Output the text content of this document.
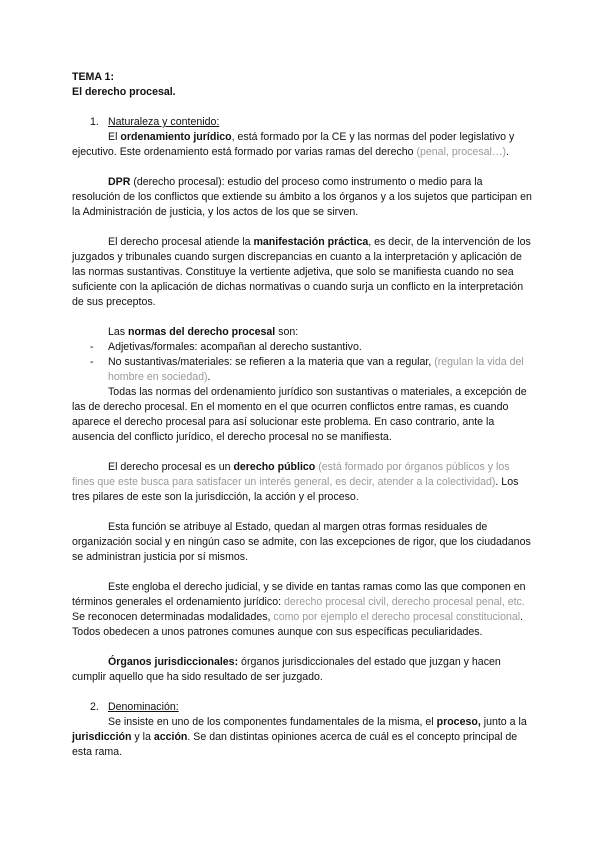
TEMA 1:

El derecho procesal.

1. Naturaleza y contenido:

El ordenamiento jurídico, está formado por la CE y las normas del poder legislativo y ejecutivo. Este ordenamiento está formado por varias ramas del derecho (penal, procesal…).

DPR (derecho procesal): estudio del proceso como instrumento o medio para la resolución de los conflictos que extiende su ámbito a los órganos y a los sujetos que participan en la Administración de justicia, y los actos de los que se sirven.

El derecho procesal atiende la manifestación práctica, es decir, de la intervención de los juzgados y tribunales cuando surgen discrepancias en cuanto a la interpretación y aplicación de las normas sustantivas. Constituye la vertiente adjetiva, que solo se manifiesta cuando no sea suficiente con la aplicación de dichas normativas o cuando surja un conflicto en la interpretación de sus preceptos.

Las normas del derecho procesal son:

- Adjetivas/formales: acompañan al derecho sustantivo.
- No sustantivas/materiales: se refieren a la materia que van a regular, (regulan la vida del hombre en sociedad).

Todas las normas del ordenamiento jurídico son sustantivas o materiales, a excepción de las de derecho procesal. En el momento en el que ocurren conflictos entre ramas, es cuando aparece el derecho procesal para así solucionar este problema. En caso contrario, ante la ausencia del conflicto jurídico, el derecho procesal no se manifiesta.

El derecho procesal es un derecho público (está formado por órganos públicos y los fines que este busca para satisfacer un interés general, es decir, atender a la colectividad). Los tres pilares de este son la jurisdicción, la acción y el proceso.

Esta función se atribuye al Estado, quedan al margen otras formas residuales de organización social y en ningún caso se admite, con las excepciones de rigor, que los ciudadanos se administran justicia por sí mismos.

Este engloba el derecho judicial, y se divide en tantas ramas como las que componen en términos generales el ordenamiento jurídico: derecho procesal civil, derecho procesal penal, etc. Se reconocen determinadas modalidades, como por ejemplo el derecho procesal constitucional. Todos obedecen a unos patrones comunes aunque con sus específicas peculiaridades.

Órganos jurisdiccionales: órganos jurisdiccionales del estado que juzgan y hacen cumplir aquello que ha sido resultado de ser juzgado.

2. Denominación:

Se insiste en uno de los componentes fundamentales de la misma, el proceso, junto a la jurisdicción y la acción. Se dan distintas opiniones acerca de cuál es el concepto principal de esta rama.
